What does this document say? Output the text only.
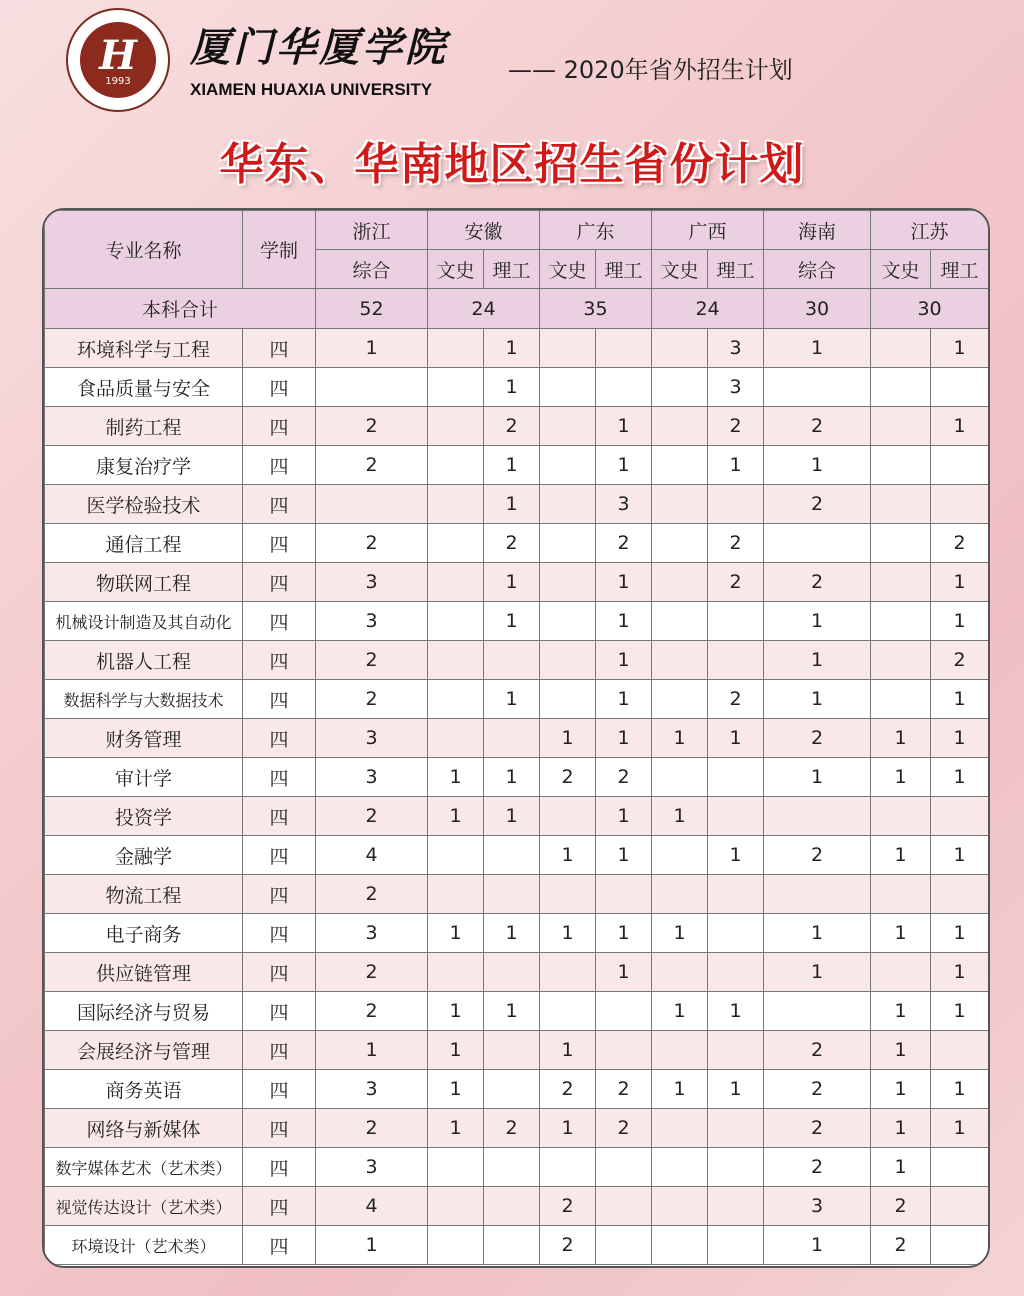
H
1993
厦门华厦学院
XIAMEN HUAXIA UNIVERSITY
—— 2020年省外招生计划
华东、华南地区招生省份计划
专业名称	学制	浙江	安徽		广东		广西		海南	江苏	
		综合	文史	理工	文史	理工	文史	理工	综合	文史	理工
本科合计		52	24		35		24		30	30	
环境科学与工程	四	1		1				3	1		1
食品质量与安全	四			1				3			
制药工程	四	2		2		1		2	2		1
康复治疗学	四	2		1		1		1	1		
医学检验技术	四			1		3			2		
通信工程	四	2		2		2		2			2
物联网工程	四	3		1		1		2	2		1
机械设计制造及其自动化	四	3		1		1			1		1
机器人工程	四	2				1			1		2
数据科学与大数据技术	四	2		1		1		2	1		1
财务管理	四	3			1	1	1	1	2	1	1
审计学	四	3	1	1	2	2			1	1	1
投资学	四	2	1	1		1	1				
金融学	四	4			1	1		1	2	1	1
物流工程	四	2									
电子商务	四	3	1	1	1	1	1		1	1	1
供应链管理	四	2				1			1		1
国际经济与贸易	四	2	1	1			1	1		1	1
会展经济与管理	四	1	1		1				2	1	
商务英语	四	3	1		2	2	1	1	2	1	1
网络与新媒体	四	2	1	2	1	2			2	1	1
数字媒体艺术（艺术类）	四	3							2	1	
视觉传达设计（艺术类）	四	4			2				3	2	
环境设计（艺术类）	四	1			2				1	2	
